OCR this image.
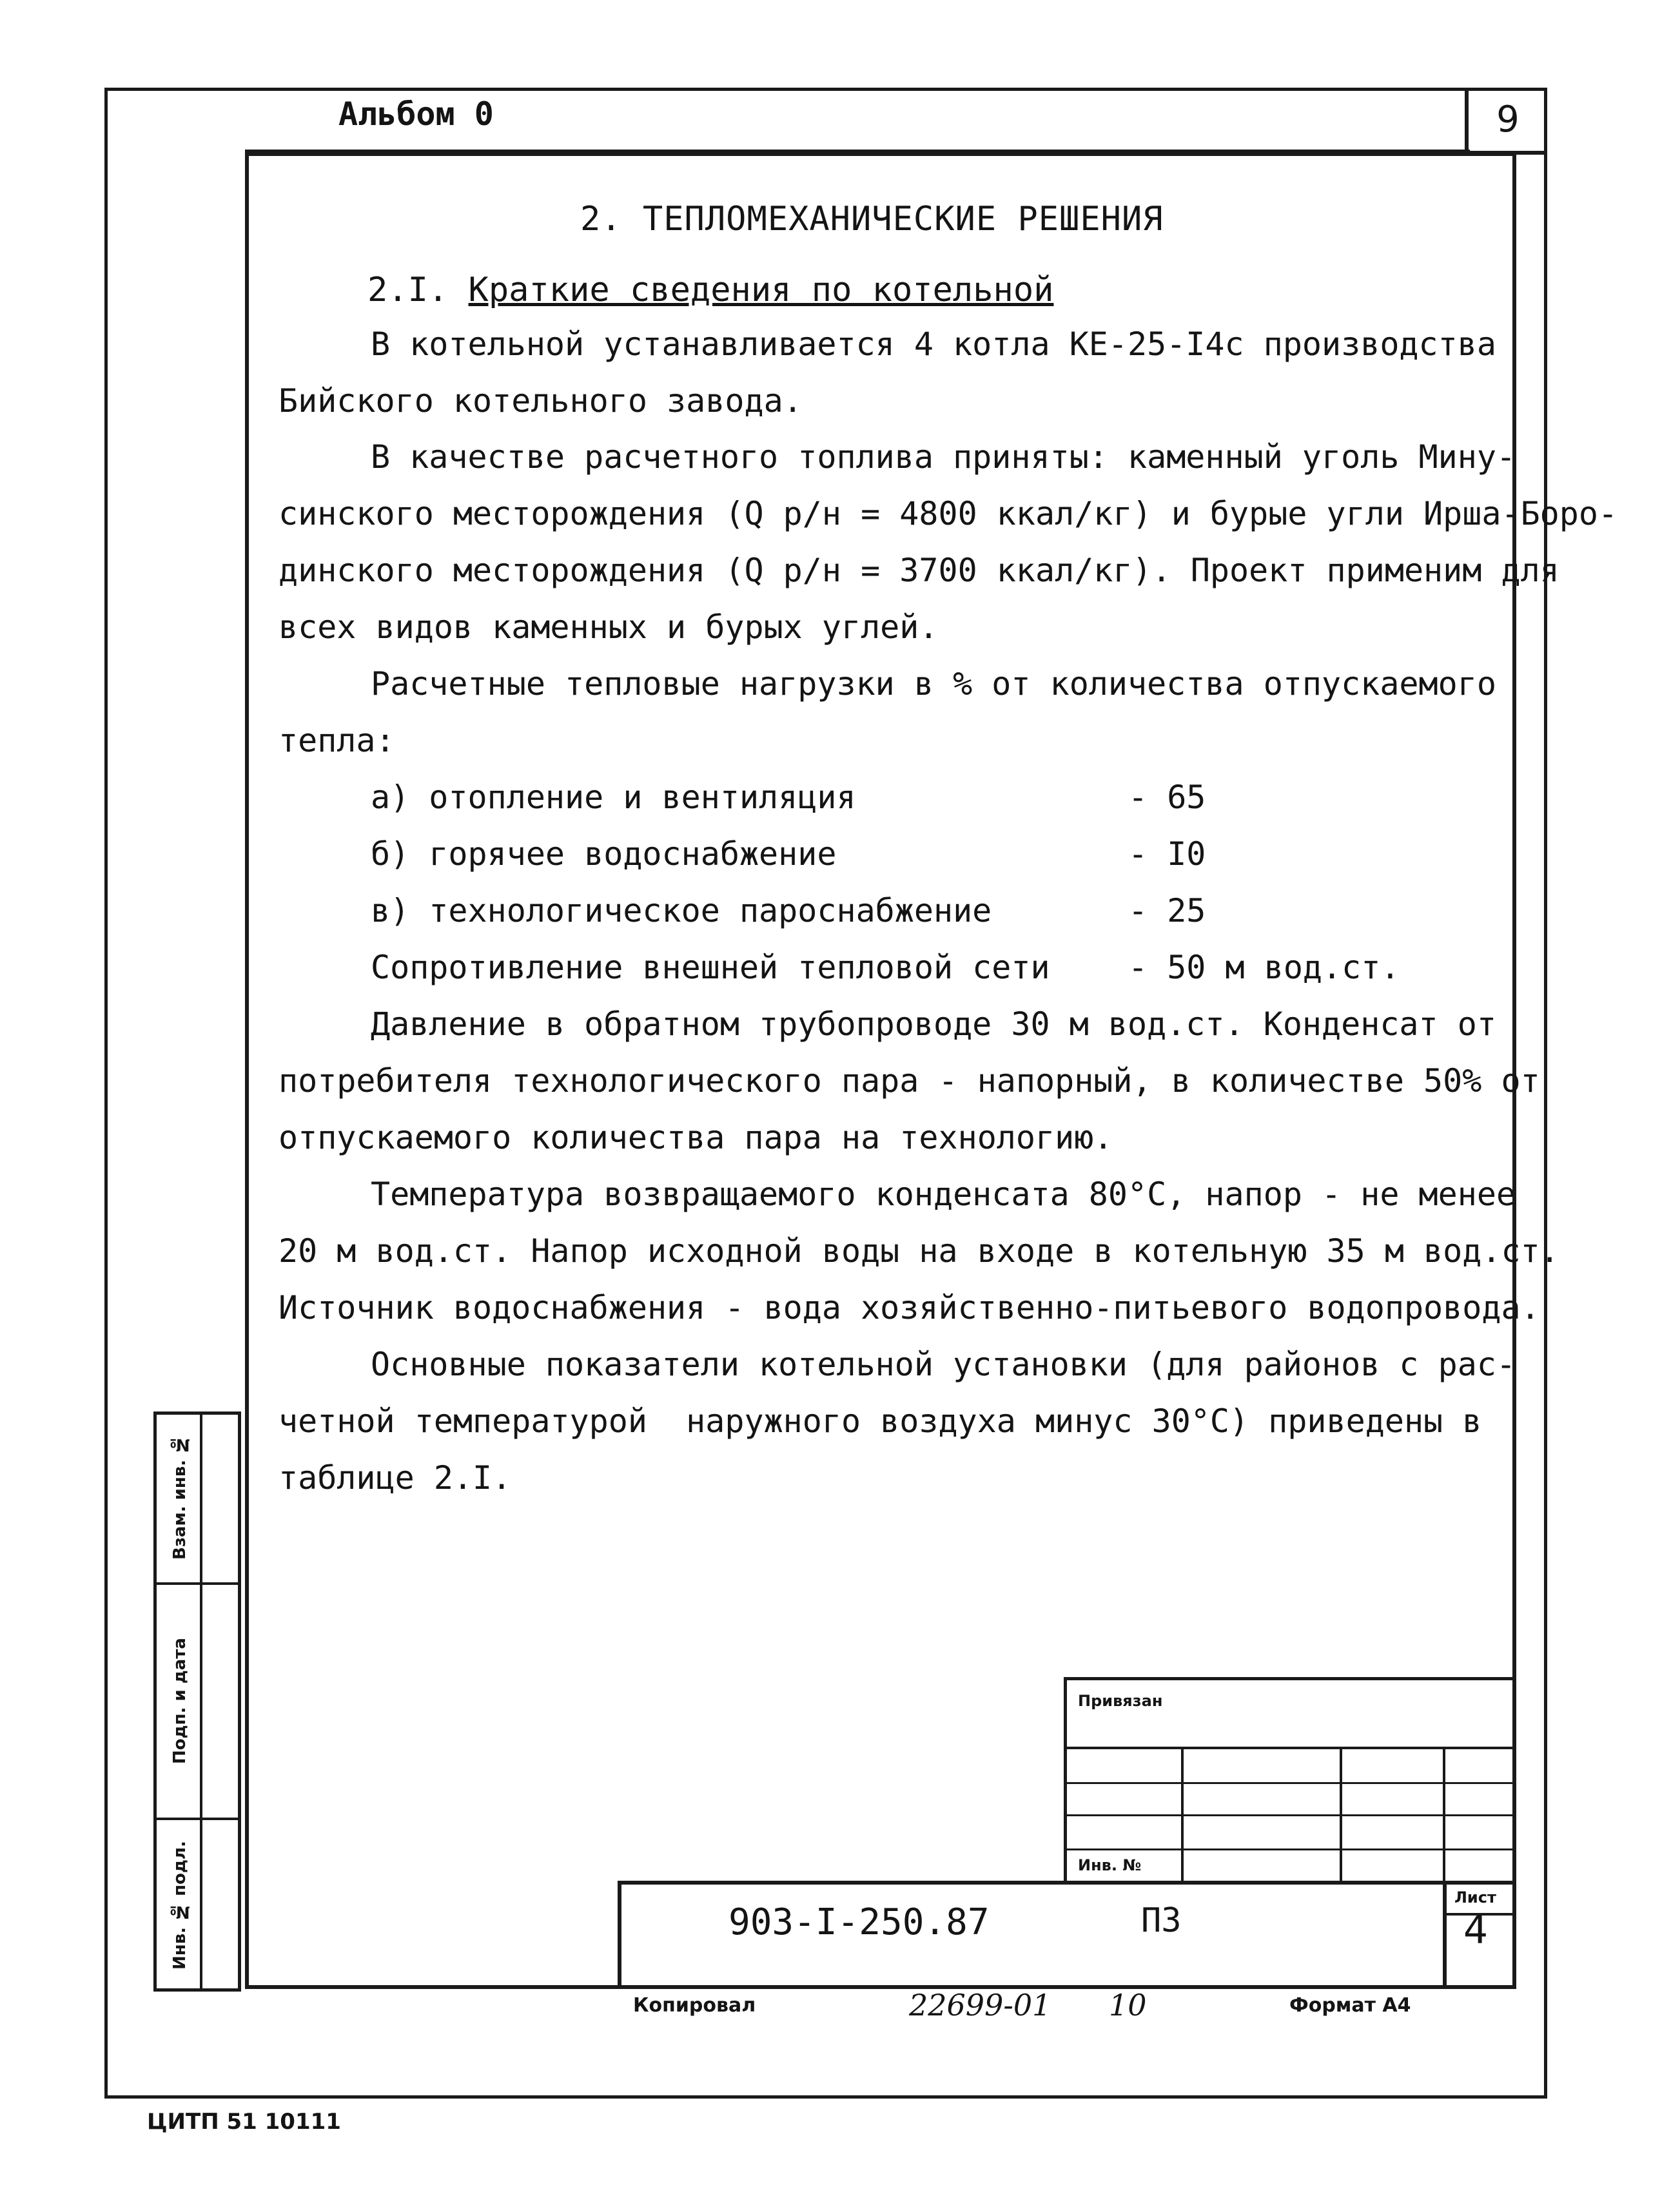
Альбом 0	9
2. ТЕПЛОМЕХАНИЧЕСКИЕ РЕШЕНИЯ
2.I. Краткие сведения по котельной
В котельной устанавливается 4 котла КЕ-25-I4с производства
Бийского котельного завода.
В качестве расчетного топлива приняты: каменный уголь Мину-
синского месторождения (Q р/н = 4800 ккал/кг) и бурые угли Ирша-Боро-
динского месторождения (Q р/н = 3700 ккал/кг). Проект применим для
всех видов каменных и бурых углей.
Расчетные тепловые нагрузки в % от количества отпускаемого
тепла:
а) отопление и вентиляция	- 65
б) горячее водоснабжение	- I0
в) технологическое пароснабжение	- 25
Сопротивление внешней тепловой сети - 50 м вод.ст.
Давление в обратном трубопроводе 30 м вод.ст. Конденсат от
потребителя технологического пара - напорный, в количестве 50% от
отпускаемого количества пара на технологию.
Температура возвращаемого конденсата 80°С, напор - не менее
20 м вод.ст. Напор исходной воды на входе в котельную 35 м вод.ст.
Источник водоснабжения - вода хозяйственно-питьевого водопровода.
Основные показатели котельной установки (для районов с рас-
четной температурой  наружного воздуха минус 30°С) приведены в
таблице 2.I.
Взам. инв. №
Подп. и дата
Инв. № подл.
Привязан
Инв. №
Лист
903-I-250.87	ПЗ	4
Копировал	22699-01 10	Формат А4
ЦИТП 51 10111
